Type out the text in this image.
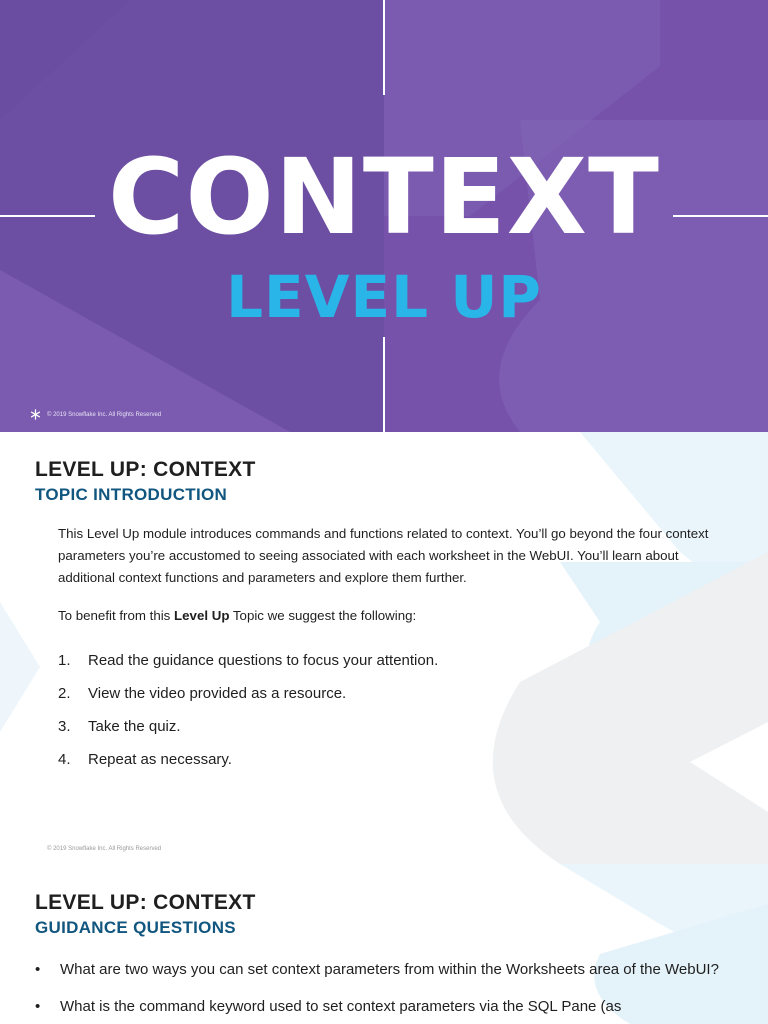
CONTEXT
LEVEL UP
© 2019 Snowflake Inc. All Rights Reserved
LEVEL UP: CONTEXT
TOPIC INTRODUCTION
This Level Up module introduces commands and functions related to context. You’ll go beyond the four context parameters you’re accustomed to seeing associated with each worksheet in the WebUI. You’ll learn about additional context functions and parameters and explore them further.
To benefit from this Level Up Topic we suggest the following:
1.	Read the guidance questions to focus your attention.
2.	View the video provided as a resource.
3.	Take the quiz.
4.	Repeat as necessary.
© 2019 Snowflake Inc. All Rights Reserved
LEVEL UP: CONTEXT
GUIDANCE QUESTIONS
•	What are two ways you can set context parameters from within the Worksheets area of the WebUI?
•	What is the command keyword used to set context parameters via the SQL Pane (as
